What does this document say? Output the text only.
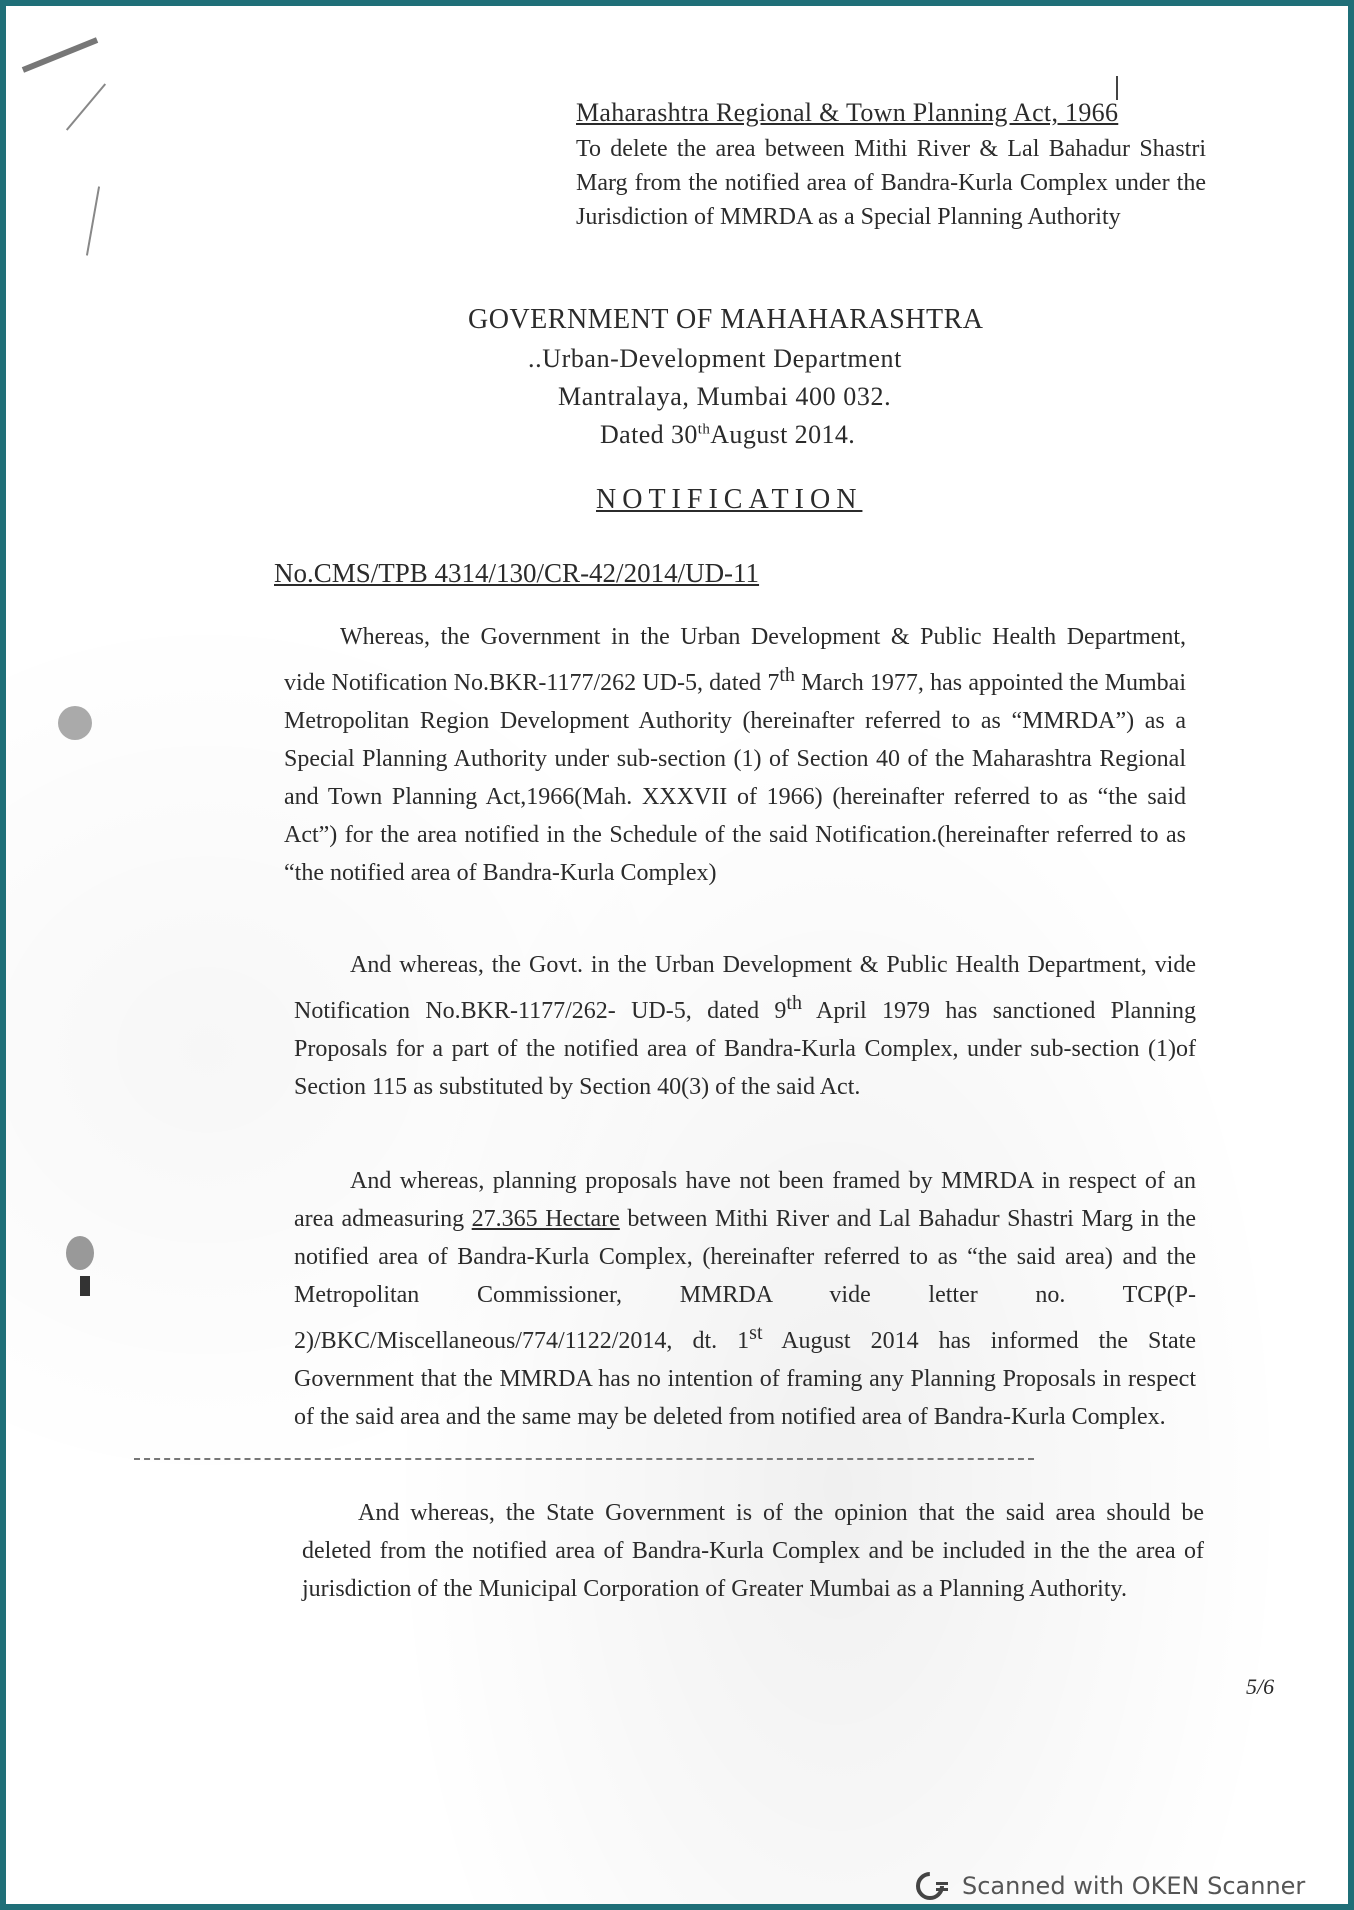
Maharashtra Regional & Town Planning Act, 1966
To delete the area between Mithi River & Lal Bahadur Shastri Marg from the notified area of Bandra-Kurla Complex under the Jurisdiction of MMRDA as a Special Planning Authority
GOVERNMENT OF MAHAHARASHTRA
..Urban-Development Department
Mantralaya, Mumbai 400 032.
Dated 30thAugust 2014.
NOTIFICATION
No.CMS/TPB 4314/130/CR-42/2014/UD-11
Whereas, the Government in the Urban Development & Public Health Department, vide Notification No.BKR-1177/262 UD-5, dated 7th March 1977, has appointed the Mumbai Metropolitan Region Development Authority (hereinafter referred to as “MMRDA”) as a Special Planning Authority under sub-section (1) of Section 40 of the Maharashtra Regional and Town Planning Act,1966(Mah. XXXVII of 1966) (hereinafter referred to as “the said Act”) for the area notified in the Schedule of the said Notification.(hereinafter referred to as “the notified area of Bandra-Kurla Complex)
And whereas, the Govt. in the Urban Development & Public Health Department, vide Notification No.BKR-1177/262- UD-5, dated 9th April 1979 has sanctioned Planning Proposals for a part of the notified area of Bandra-Kurla Complex, under sub-section (1)of Section 115 as substituted by Section 40(3) of the said Act.
And whereas, planning proposals have not been framed by MMRDA in respect of an area admeasuring 27.365 Hectare between Mithi River and Lal Bahadur Shastri Marg in the notified area of Bandra-Kurla Complex, (hereinafter referred to as “the said area) and the Metropolitan Commissioner, MMRDA vide letter no. TCP(P-2)/BKC/Miscellaneous/774/1122/2014, dt. 1st August 2014 has informed the State Government that the MMRDA has no intention of framing any Planning Proposals in respect of the said area and the same may be deleted from notified area of Bandra-Kurla Complex.
And whereas, the State Government is of the opinion that the said area should be deleted from the notified area of Bandra-Kurla Complex and be included in the the area of jurisdiction of the Municipal Corporation of Greater Mumbai as a Planning Authority.
5/6
Scanned with OKEN Scanner
